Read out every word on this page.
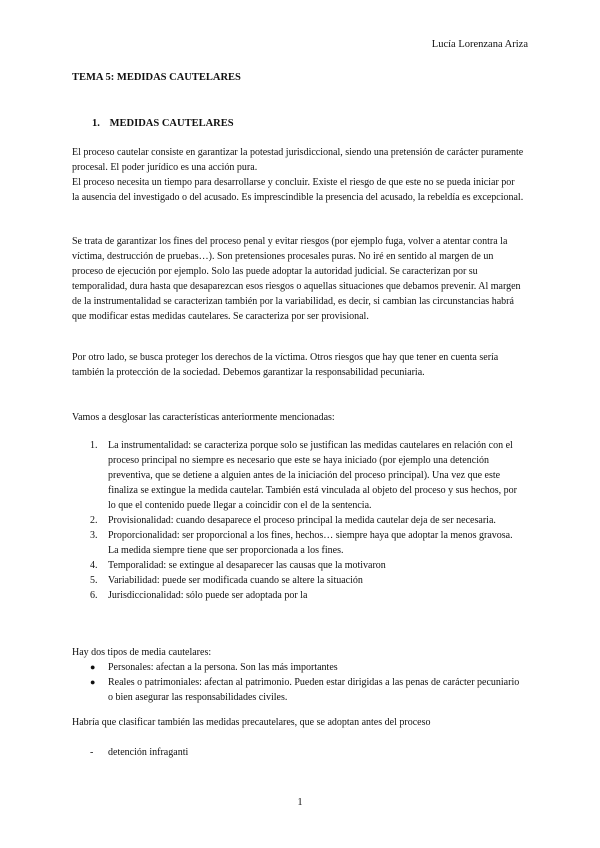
Lucía Lorenzana Ariza
TEMA 5: MEDIDAS CAUTELARES
1. MEDIDAS CAUTELARES

El proceso cautelar consiste en garantizar la potestad jurisdiccional, siendo una pretensión de carácter puramente procesal. El poder jurídico es una acción pura.

El proceso necesita un tiempo para desarrollarse y concluir. Existe el riesgo de que este no se pueda iniciar por la ausencia del investigado o del acusado. Es imprescindible la presencia del acusado, la rebeldía es excepcional.

Se trata de garantizar los fines del proceso penal y evitar riesgos (por ejemplo fuga, volver a atentar contra la víctima, destrucción de pruebas…). Son pretensiones procesales puras. No iré en sentido al margen de un proceso de ejecución por ejemplo. Solo las puede adoptar la autoridad judicial. Se caracterizan por su temporalidad, dura hasta que desaparezcan esos riesgos o aquellas situaciones que debamos prevenir. Al margen de la instrumentalidad se caracterizan también por la variabilidad, es decir, si cambian las circunstancias habrá que modificar estas medidas cautelares. Se caracteriza por ser provisional.

Por otro lado, se busca proteger los derechos de la víctima. Otros riesgos que hay que tener en cuenta sería también la protección de la sociedad. Debemos garantizar la responsabilidad pecuniaria.

Vamos a desglosar las características anteriormente mencionadas:

1. La instrumentalidad: se caracteriza porque solo se justifican las medidas cautelares en relación con el proceso principal no siempre es necesario que este se haya iniciado (por ejemplo una detención preventiva, que se detiene a alguien antes de la iniciación del proceso principal). Una vez que este finaliza se extingue la medida cautelar. También está vinculada al objeto del proceso y sus hechos, por lo que el contenido puede llegar a coincidir con el de la sentencia.
2. Provisionalidad: cuando desaparece el proceso principal la medida cautelar deja de ser necesaria.
3. Proporcionalidad: ser proporcional a los fines, hechos… siempre haya que adoptar la menos gravosa. La medida siempre tiene que ser proporcionada a los fines.
4. Temporalidad: se extingue al desaparecer las causas que la motivaron
5. Variabilidad: puede ser modificada cuando se altere la situación
6. Jurisdiccionalidad: sólo puede ser adoptada por la

Hay dos tipos de media cautelares:

● Personales: afectan a la persona. Son las más importantes
● Reales o patrimoniales: afectan al patrimonio. Pueden estar dirigidas a las penas de carácter pecuniario o bien asegurar las responsabilidades civiles.

Habría que clasificar también las medidas precautelares, que se adoptan antes del proceso

- detención infraganti
1
